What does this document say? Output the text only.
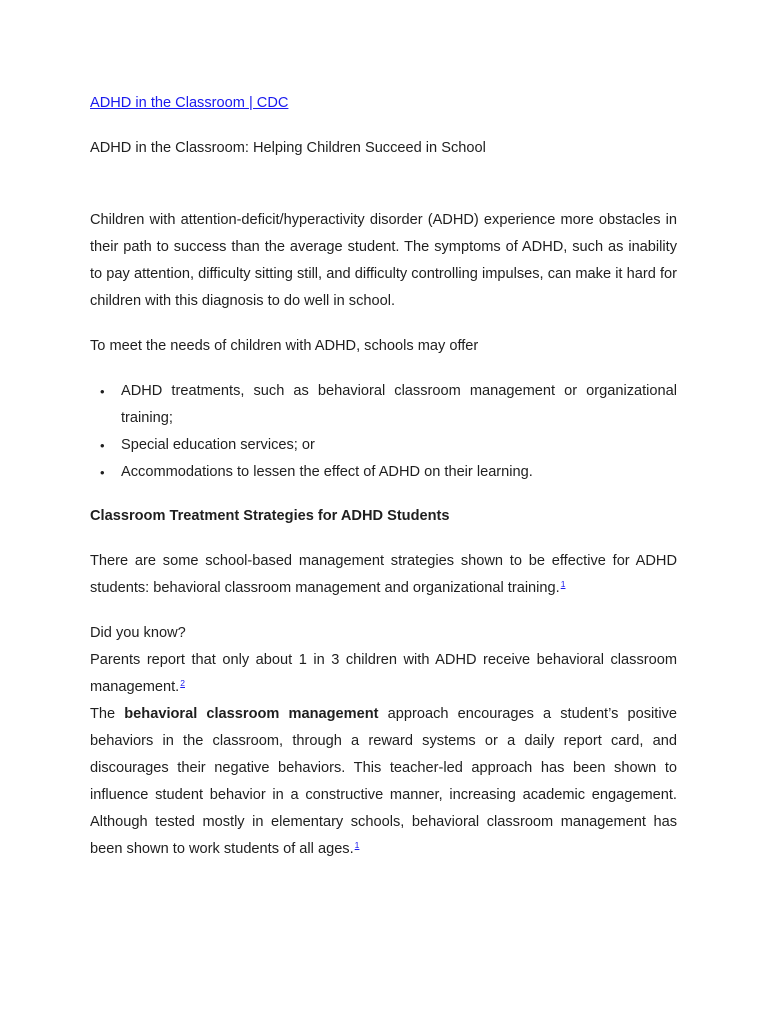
ADHD in the Classroom | CDC

ADHD in the Classroom: Helping Children Succeed in School

Children with attention-deficit/hyperactivity disorder (ADHD) experience more obstacles in their path to success than the average student. The symptoms of ADHD, such as inability to pay attention, difficulty sitting still, and difficulty controlling impulses, can make it hard for children with this diagnosis to do well in school.

To meet the needs of children with ADHD, schools may offer

• ADHD treatments, such as behavioral classroom management or organizational training;
• Special education services; or
• Accommodations to lessen the effect of ADHD on their learning.

Classroom Treatment Strategies for ADHD Students

There are some school-based management strategies shown to be effective for ADHD students: behavioral classroom management and organizational training.$^1$

Did you know?

Parents report that only about 1 in 3 children with ADHD receive behavioral classroom management.$^2$

The behavioral classroom management approach encourages a student’s positive behaviors in the classroom, through a reward systems or a daily report card, and discourages their negative behaviors. This teacher-led approach has been shown to influence student behavior in a constructive manner, increasing academic engagement. Although tested mostly in elementary schools, behavioral classroom management has been shown to work students of all ages.$^1$
